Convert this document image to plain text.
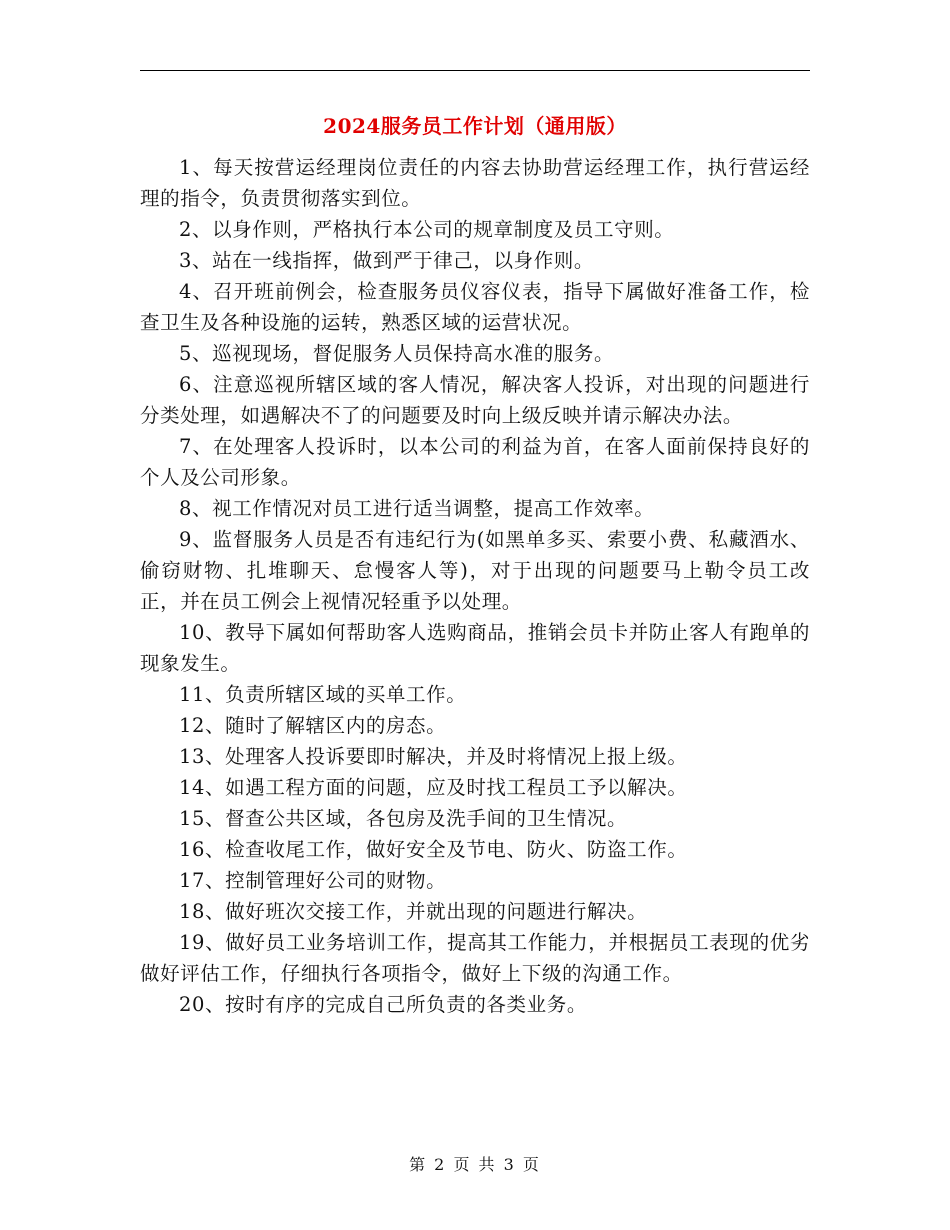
2024服务员工作计划（通用版）

1、每天按营运经理岗位责任的内容去协助营运经理工作，执行营运经理的指令，负责贯彻落实到位。

2、以身作则，严格执行本公司的规章制度及员工守则。

3、站在一线指挥，做到严于律己，以身作则。

4、召开班前例会，检查服务员仪容仪表，指导下属做好准备工作，检查卫生及各种设施的运转，熟悉区域的运营状况。

5、巡视现场，督促服务人员保持高水准的服务。

6、注意巡视所辖区域的客人情况，解决客人投诉，对出现的问题进行分类处理，如遇解决不了的问题要及时向上级反映并请示解决办法。

7、在处理客人投诉时，以本公司的利益为首，在客人面前保持良好的个人及公司形象。

8、视工作情况对员工进行适当调整，提高工作效率。

9、监督服务人员是否有违纪行为(如黑单多买、索要小费、私藏酒水、偷窃财物、扎堆聊天、怠慢客人等)，对于出现的问题要马上勒令员工改正，并在员工例会上视情况轻重予以处理。

10、教导下属如何帮助客人选购商品，推销会员卡并防止客人有跑单的现象发生。

11、负责所辖区域的买单工作。

12、随时了解辖区内的房态。

13、处理客人投诉要即时解决，并及时将情况上报上级。

14、如遇工程方面的问题，应及时找工程员工予以解决。

15、督查公共区域，各包房及洗手间的卫生情况。

16、检查收尾工作，做好安全及节电、防火、防盗工作。

17、控制管理好公司的财物。

18、做好班次交接工作，并就出现的问题进行解决。

19、做好员工业务培训工作，提高其工作能力，并根据员工表现的优劣做好评估工作，仔细执行各项指令，做好上下级的沟通工作。

20、按时有序的完成自己所负责的各类业务。

第 2 页 共 3 页
